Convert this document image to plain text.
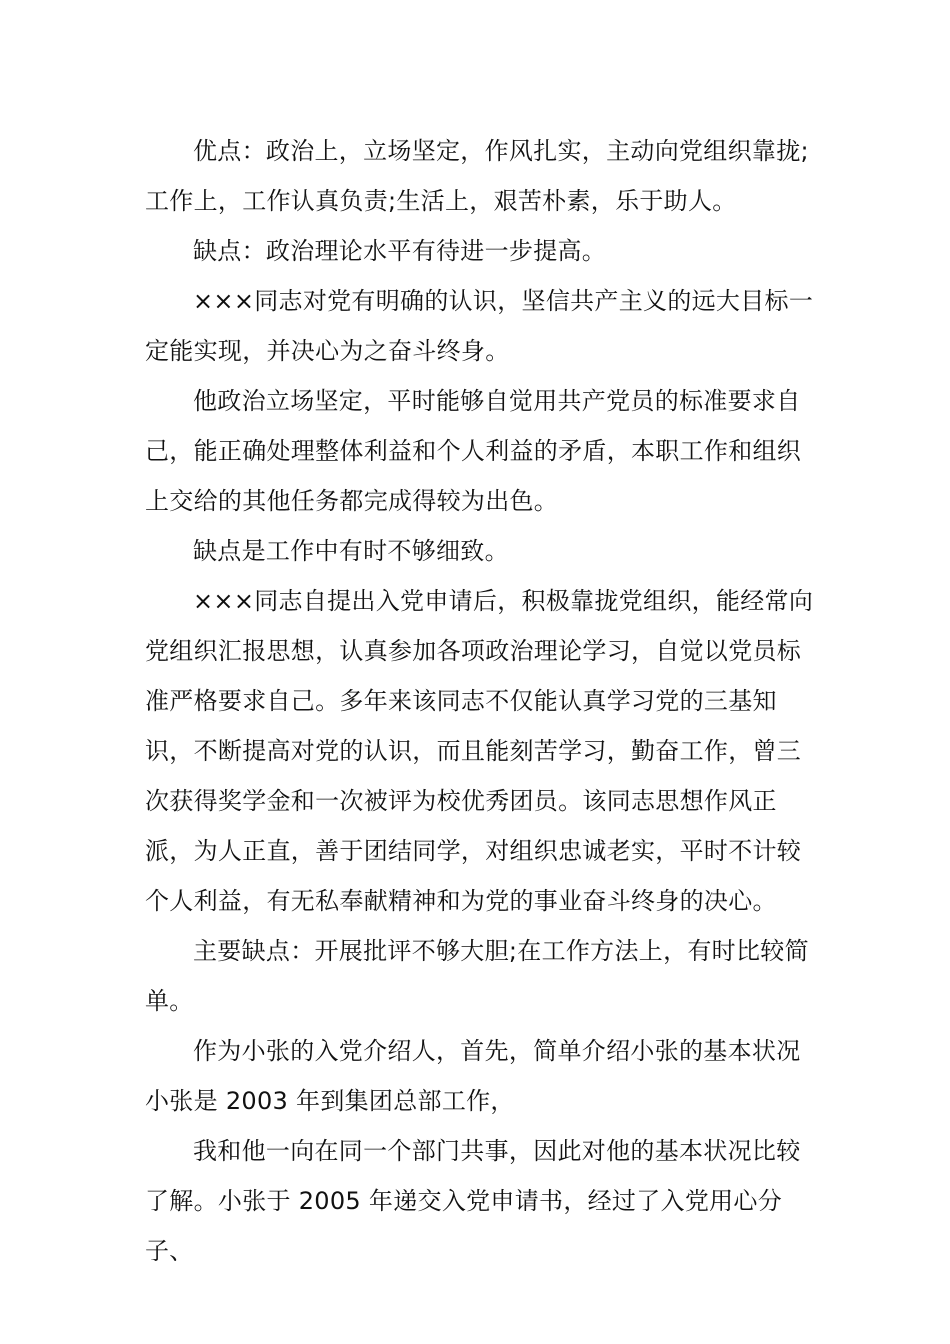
优点：政治上，立场坚定，作风扎实，主动向党组织靠拢;工作上，工作认真负责;生活上，艰苦朴素，乐于助人。

缺点：政治理论水平有待进一步提高。

×××同志对党有明确的认识，坚信共产主义的远大目标一定能实现，并决心为之奋斗终身。

他政治立场坚定，平时能够自觉用共产党员的标准要求自己，能正确处理整体利益和个人利益的矛盾，本职工作和组织上交给的其他任务都完成得较为出色。

缺点是工作中有时不够细致。

×××同志自提出入党申请后，积极靠拢党组织，能经常向党组织汇报思想，认真参加各项政治理论学习，自觉以党员标准严格要求自己。多年来该同志不仅能认真学习党的三基知识，不断提高对党的认识，而且能刻苦学习，勤奋工作，曾三次获得奖学金和一次被评为校优秀团员。该同志思想作风正派，为人正直，善于团结同学，对组织忠诚老实，平时不计较个人利益，有无私奉献精神和为党的事业奋斗终身的决心。

主要缺点：开展批评不够大胆;在工作方法上，有时比较简单。

作为小张的入党介绍人，首先，简单介绍小张的基本状况小张是 2003 年到集团总部工作，

我和他一向在同一个部门共事，因此对他的基本状况比较了解。小张于 2005 年递交入党申请书，经过了入党用心分子、
